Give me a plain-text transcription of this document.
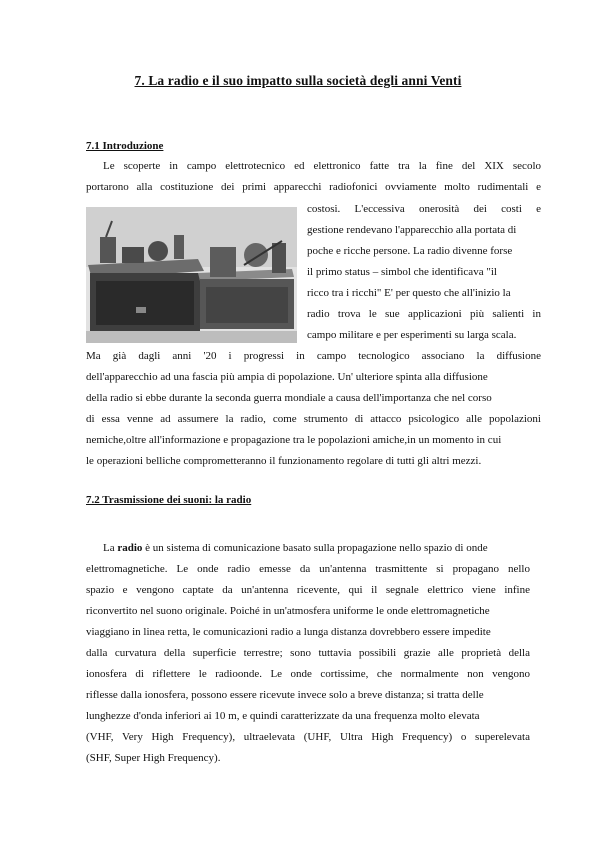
7. La radio e il suo impatto sulla società degli anni Venti
7.1 Introduzione
Le scoperte in campo elettrotecnico ed elettronico fatte tra la fine del XIX secolo
portarono alla costituzione dei primi apparecchi radiofonici ovviamente molto rudimentali e
costosi. L'eccessiva onerosità dei costi e
gestione rendevano l'apparecchio alla portata di
poche e ricche persone. La radio divenne forse
il primo status – simbol che identificava "il
ricco tra i ricchi" E' per questo che all'inizio la
radio trova le sue applicazioni più salienti in
campo militare e per esperimenti su larga scala.
Ma già dagli anni '20 i progressi in campo tecnologico associano la diffusione
dell'apparecchio ad una fascia più ampia di popolazione. Un' ulteriore spinta alla diffusione
della radio si ebbe durante la seconda guerra mondiale a causa dell'importanza che nel corso
di essa venne ad assumere la radio, come strumento di attacco psicologico alle popolazioni
nemiche,oltre all'informazione e propagazione tra le popolazioni amiche,in un momento in cui
le operazioni belliche comprometteranno il funzionamento regolare di tutti gli altri mezzi.
7.2 Trasmissione dei suoni: la radio
La radio è un sistema di comunicazione basato sulla propagazione nello spazio di onde
elettromagnetiche. Le onde radio emesse da un'antenna trasmittente si propagano nello
spazio e vengono captate da un'antenna ricevente, qui il segnale elettrico viene infine
riconvertito nel suono originale. Poiché in un'atmosfera uniforme le onde elettromagnetiche
viaggiano in linea retta, le comunicazioni radio a lunga distanza dovrebbero essere impedite
dalla curvatura della superficie terrestre; sono tuttavia possibili grazie alle proprietà della
ionosfera di riflettere le radioonde. Le onde cortissime, che normalmente non vengono
riflesse dalla ionosfera, possono essere ricevute invece solo a breve distanza; si tratta delle
lunghezze d'onda inferiori ai 10 m, e quindi caratterizzate da una frequenza molto elevata
(VHF, Very High Frequency), ultraelevata (UHF, Ultra High Frequency) o superelevata
(SHF, Super High Frequency).
